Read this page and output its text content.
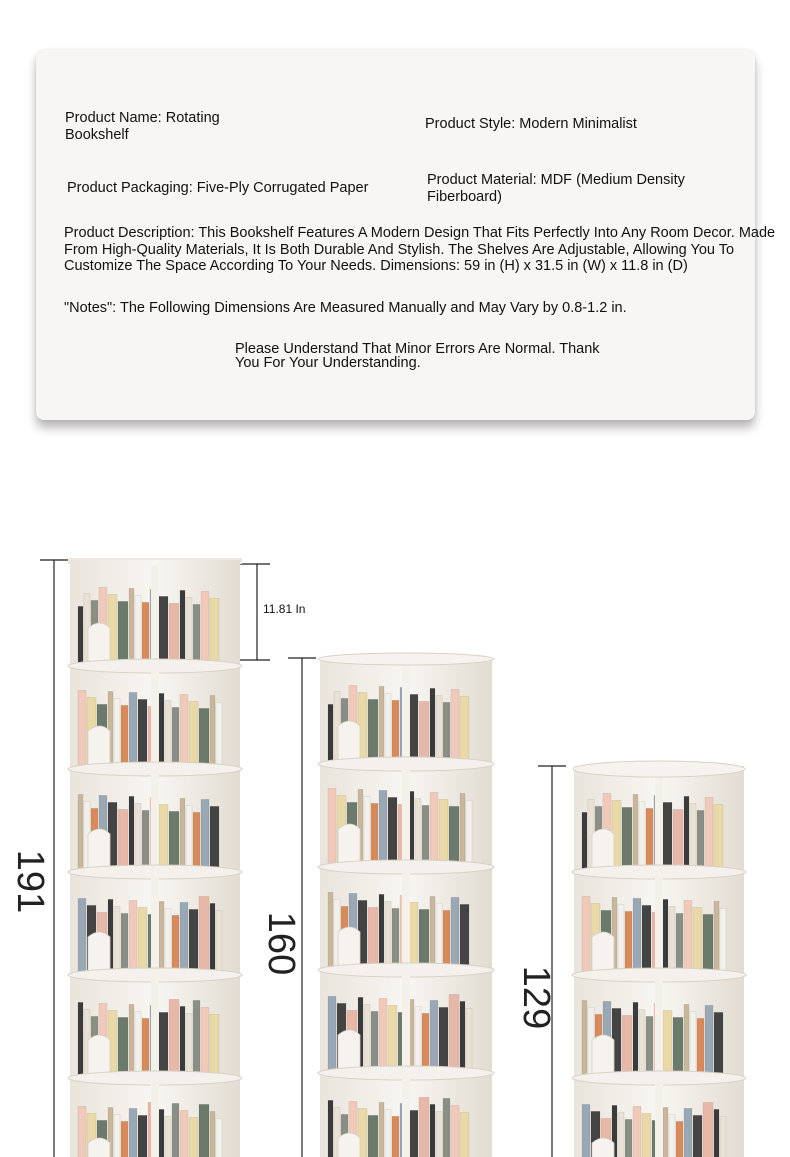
Product Name: Rotating Bookshelf

Product Style: Modern Minimalist

Product Packaging: Five-Ply Corrugated Paper	Product Material: MDF (Medium Density Fiberboard)

Product Description: This Bookshelf Features A Modern Design That Fits Perfectly Into Any Room Decor. Made
From High-Quality Materials, It Is Both Durable And Stylish. The Shelves Are Adjustable, Allowing You To
Customize The Space According To Your Needs. Dimensions: 59 in (H) x 31.5 in (W) x 11.8 in (D)

"Notes": The Following Dimensions Are Measured Manually and May Vary by 0.8-1.2 in.

Please Understand That Minor Errors Are Normal. Thank You For Your Understanding.

191
160
129
11.81 In
